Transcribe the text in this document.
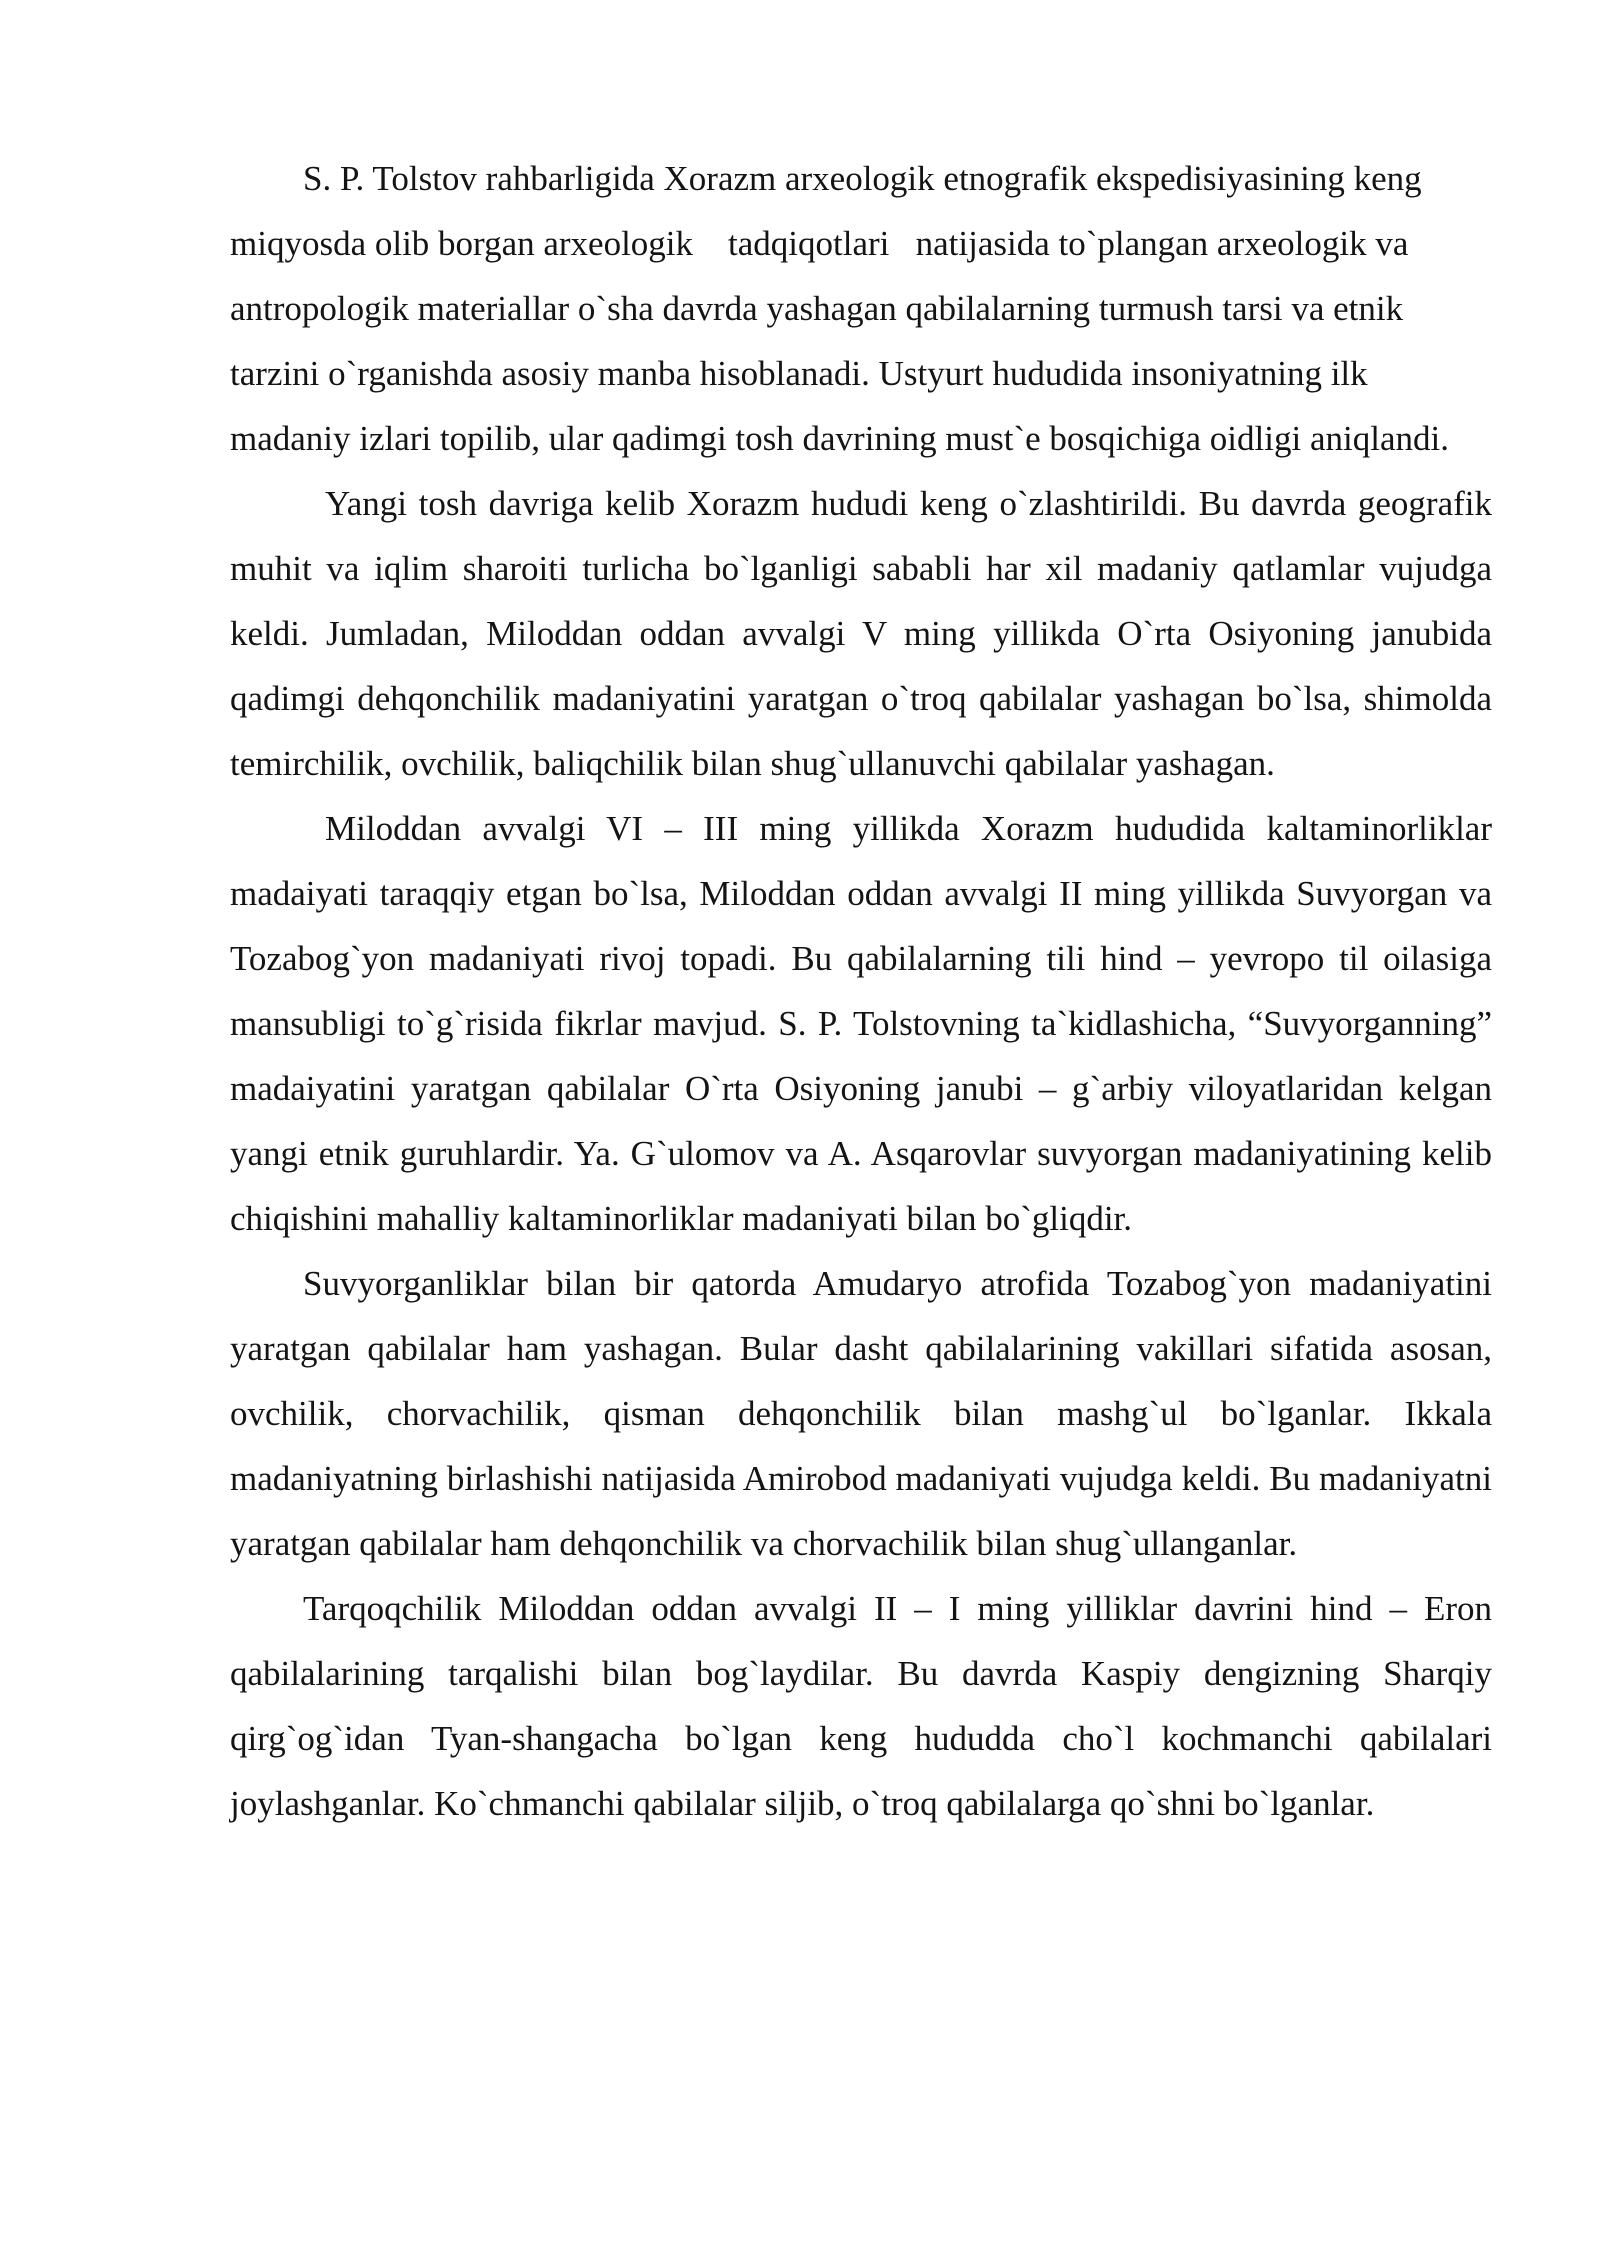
S. P. Tolstov rahbarligida Xorazm arxeologik etnografik ekspedisiyasining keng miqyosda olib borgan arxeologik    tadqiqotlari   natijasida to`plangan arxeologik va antropologik materiallar o`sha davrda yashagan qabilalarning turmush tarsi va etnik tarzini o`rganishda asosiy manba hisoblanadi. Ustyurt hududida insoniyatning ilk madaniy izlari topilib, ular qadimgi tosh davrining must`e bosqichiga oidligi aniqlandi.

Yangi tosh davriga kelib Xorazm hududi keng o`zlashtirildi. Bu davrda geografik muhit va iqlim sharoiti turlicha bo`lganligi sababli har xil madaniy qatlamlar vujudga keldi. Jumladan, Miloddan oddan avvalgi V ming yillikda O`rta Osiyoning janubida qadimgi dehqonchilik madaniyatini yaratgan o`troq qabilalar yashagan bo`lsa, shimolda temirchilik, ovchilik, baliqchilik bilan shug`ullanuvchi qabilalar yashagan.

Miloddan avvalgi VI – III ming yillikda Xorazm hududida kaltaminorliklar madaiyati taraqqiy etgan bo`lsa, Miloddan oddan avvalgi II ming yillikda Suvyorgan va Tozabog`yon madaniyati rivoj topadi. Bu qabilalarning tili hind – yevropo til oilasiga mansubligi to`g`risida fikrlar mavjud. S. P. Tolstovning ta`kidlashicha, “Suvyorganning” madaiyatini yaratgan qabilalar O`rta Osiyoning janubi – g`arbiy viloyatlaridan kelgan yangi etnik guruhlardir. Ya. G`ulomov va A. Asqarovlar suvyorgan madaniyatining kelib chiqishini mahalliy kaltaminorliklar madaniyati bilan bo`gliqdir.

Suvyorganliklar bilan bir qatorda Amudaryo atrofida Tozabog`yon madaniyatini yaratgan qabilalar ham yashagan. Bular dasht qabilalarining vakillari sifatida asosan, ovchilik, chorvachilik, qisman dehqonchilik bilan mashg`ul bo`lganlar. Ikkala madaniyatning birlashishi natijasida Amirobod madaniyati vujudga keldi. Bu madaniyatni yaratgan qabilalar ham dehqonchilik va chorvachilik bilan shug`ullanganlar.

Tarqoqchilik Miloddan oddan avvalgi II – I ming yilliklar davrini hind – Eron qabilalarining tarqalishi bilan bog`laydilar. Bu davrda Kaspiy dengizning Sharqiy qirg`og`idan Tyan-shangacha bo`lgan keng hududda cho`l kochmanchi qabilalari joylashganlar. Ko`chmanchi qabilalar siljib, o`troq qabilalarga qo`shni bo`lganlar.
